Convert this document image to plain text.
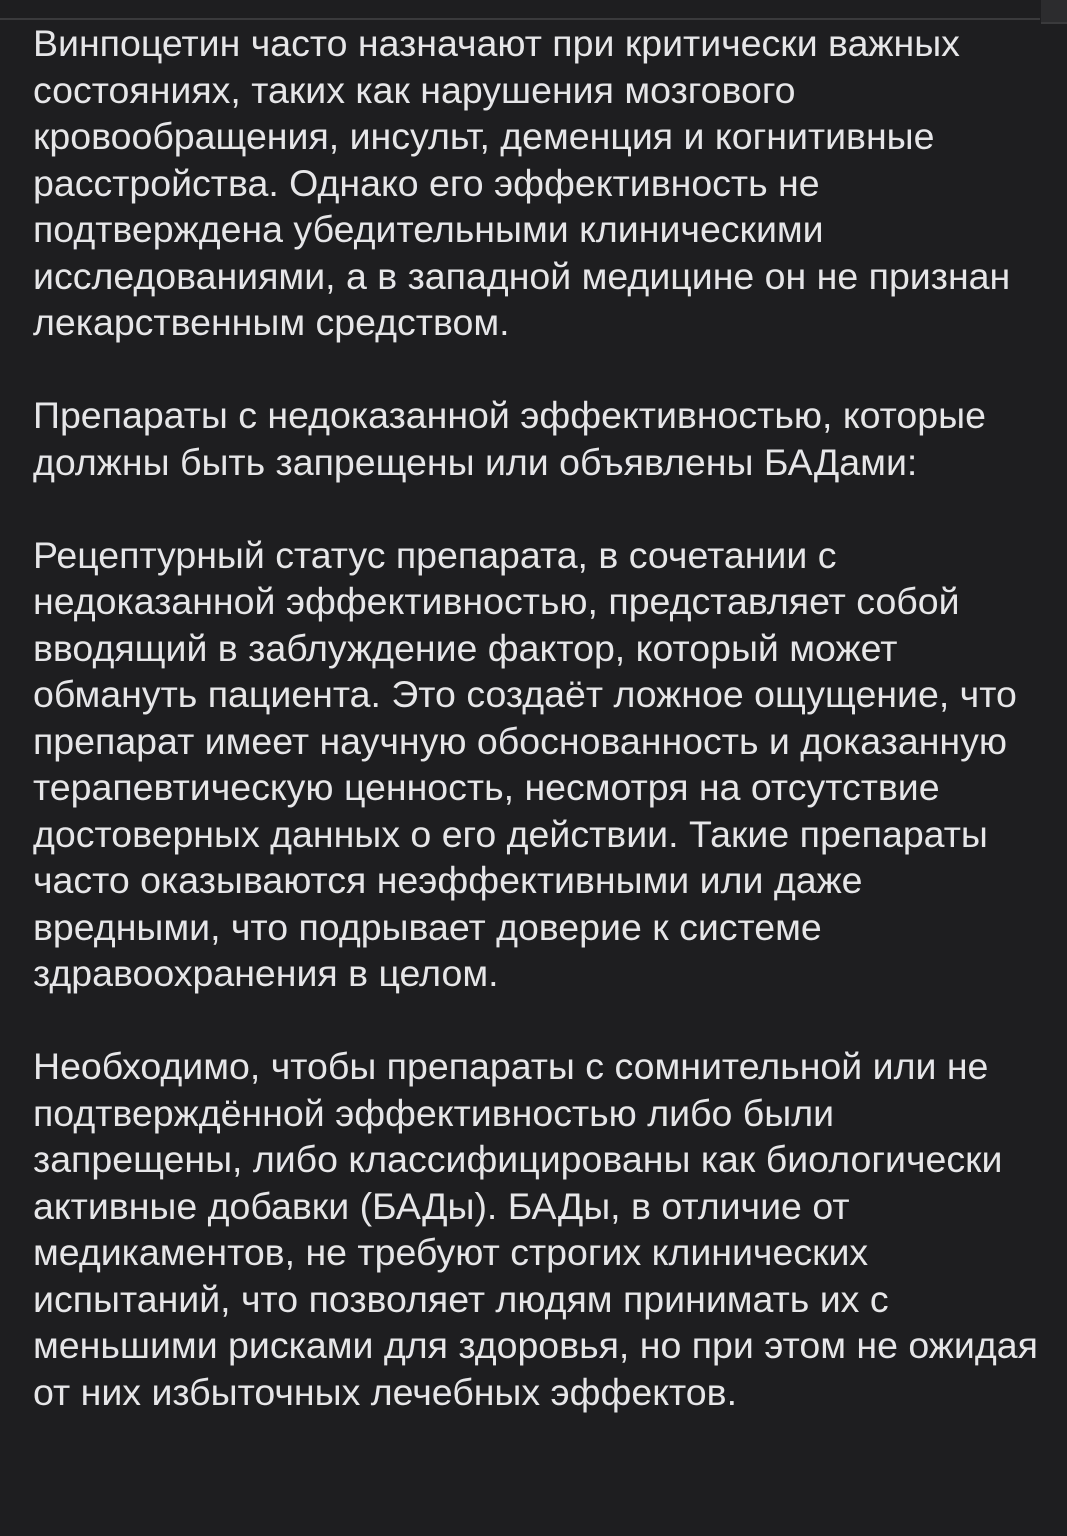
Винпоцетин часто назначают при критически важных состояниях, таких как нарушения мозгового кровообращения, инсульт, деменция и когнитивные расстройства. Однако его эффективность не подтверждена убедительными клиническими исследованиями, а в западной медицине он не признан лекарственным средством.

Препараты с недоказанной эффективностью, которые должны быть запрещены или объявлены БАДами:

Рецептурный статус препарата, в сочетании с недоказанной эффективностью, представляет собой вводящий в заблуждение фактор, который может обмануть пациента. Это создаёт ложное ощущение, что препарат имеет научную обоснованность и доказанную терапевтическую ценность, несмотря на отсутствие достоверных данных о его действии. Такие препараты часто оказываются неэффективными или даже вредными, что подрывает доверие к системе здравоохранения в целом.

Необходимо, чтобы препараты с сомнительной или не подтверждённой эффективностью либо были запрещены, либо классифицированы как биологически активные добавки (БАДы). БАДы, в отличие от медикаментов, не требуют строгих клинических испытаний, что позволяет людям принимать их с меньшими рисками для здоровья, но при этом не ожидая от них избыточных лечебных эффектов.
